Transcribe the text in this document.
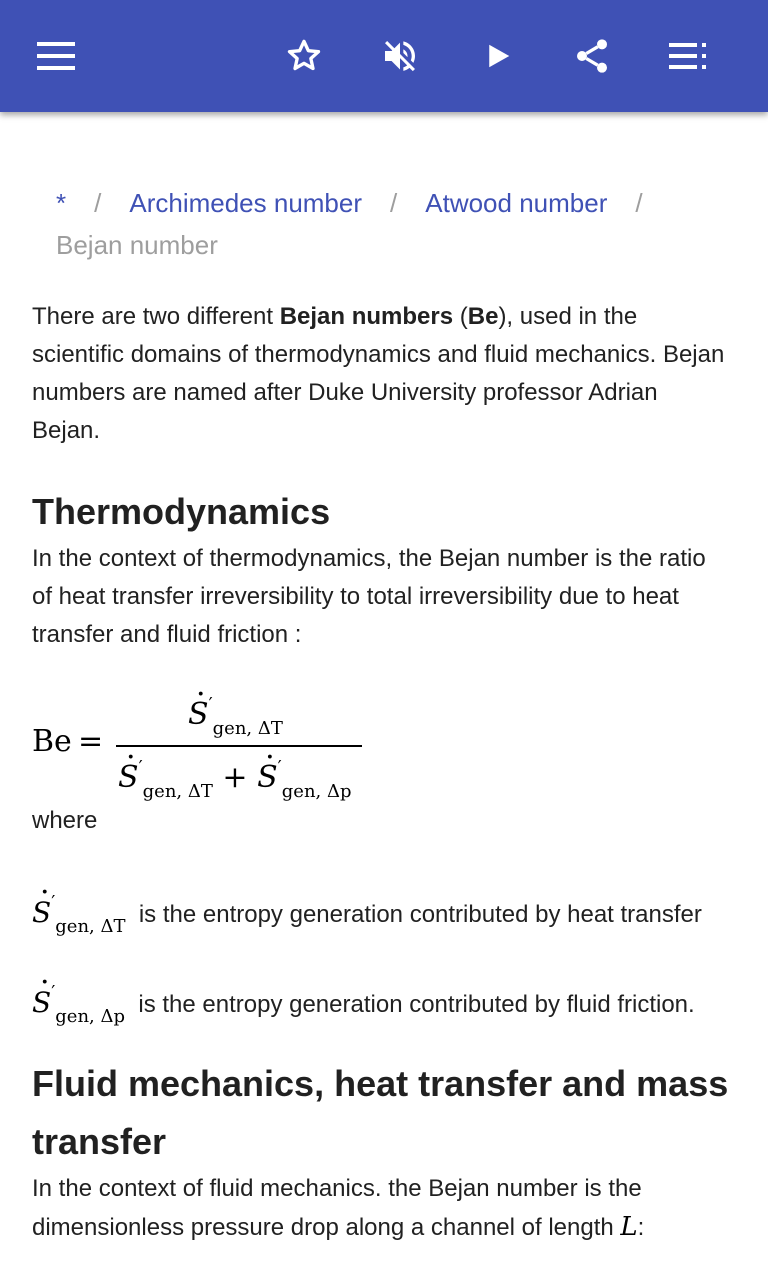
* / Archimedes number / Atwood number /
Bejan number
There are two different Bejan numbers (Be), used in the scientific domains of thermodynamics and fluid mechanics. Bejan numbers are named after Duke University professor Adrian Bejan.
Thermodynamics
In the context of thermodynamics, the Bejan number is the ratio of heat transfer irreversibility to total irreversibility due to heat transfer and fluid friction :
Be =
· $S'_{gen, \Delta T}$
· $S'_{gen, \Delta T}$ + · $S'_{gen, \Delta p}$
where
· $S'_{gen, \Delta T}$ is the entropy generation contributed by heat transfer
· $S'_{gen, \Delta p}$ is the entropy generation contributed by fluid friction.
Fluid mechanics, heat transfer and mass transfer
In the context of fluid mechanics. the Bejan number is the dimensionless pressure drop along a channel of length L:
